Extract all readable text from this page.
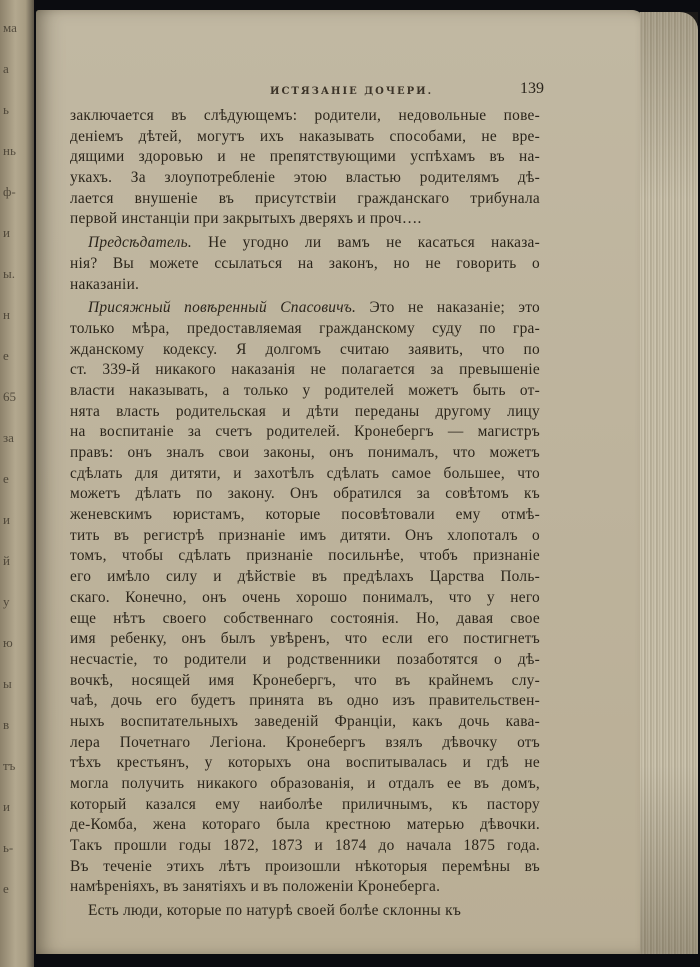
ма
а
ь
нь
ф-
и
ы.
н
е
65
за
е
и
й
у
ю
ы
в
тъ
и
ь-
е
ИСТЯЗАНІЕ ДОЧЕРИ.	139
заключается въ слѣдующемъ: родители, недовольные пове-
деніемъ дѣтей, могутъ ихъ наказывать способами, не вре-
дящими здоровью и не препятствующими успѣхамъ въ на-
укахъ. За злоупотребленіе этою властью родителямъ дѣ-
лается внушеніе въ присутствіи гражданскаго трибунала
первой инстанціи при закрытыхъ дверяхъ и проч….
Предсѣдатель. Не угодно ли вамъ не касаться наказа-
нія? Вы можете ссылаться на законъ, но не говорить о
наказаніи.
Присяжный повѣренный Спасовичъ. Это не наказаніе; это
только мѣра, предоставляемая гражданскому суду по гра-
жданскому кодексу. Я долгомъ считаю заявить, что по
ст. 339-й никакого наказанія не полагается за превышеніе
власти наказывать, а только у родителей можетъ быть от-
нята власть родительская и дѣти переданы другому лицу
на воспитаніе за счетъ родителей. Кронебергъ — магистръ
правъ: онъ зналъ свои законы, онъ понималъ, что можетъ
сдѣлать для дитяти, и захотѣлъ сдѣлать самое большее, что
можетъ дѣлать по закону. Онъ обратился за совѣтомъ къ
женевскимъ юристамъ, которые посовѣтовали ему отмѣ-
тить въ регистрѣ признаніе имъ дитяти. Онъ хлопоталъ о
томъ, чтобы сдѣлать признаніе посильнѣе, чтобъ признаніе
его имѣло силу и дѣйствіе въ предѣлахъ Царства Поль-
скаго. Конечно, онъ очень хорошо понималъ, что у него
еще нѣтъ своего собственнаго состоянія. Но, давая свое
имя ребенку, онъ былъ увѣренъ, что если его постигнетъ
несчастіе, то родители и родственники позаботятся о дѣ-
вочкѣ, носящей имя Кронебергъ, что въ крайнемъ слу-
чаѣ, дочь его будетъ принята въ одно изъ правительствен-
ныхъ воспитательныхъ заведеній Франціи, какъ дочь кава-
лера Почетнаго Легіона. Кронебергъ взялъ дѣвочку отъ
тѣхъ крестьянъ, у которыхъ она воспитывалась и гдѣ не
могла получить никакого образованія, и отдалъ ее въ домъ,
который казался ему наиболѣе приличнымъ, къ пастору
де-Комба, жена котораго была крестною матерью дѣвочки.
Такъ прошли годы 1872, 1873 и 1874 до начала 1875 года.
Въ теченіе этихъ лѣтъ произошли нѣкоторыя перемѣны въ
намѣреніяхъ, въ занятіяхъ и въ положеніи Кронеберга.
Есть люди, которые по натурѣ своей болѣе склонны къ
